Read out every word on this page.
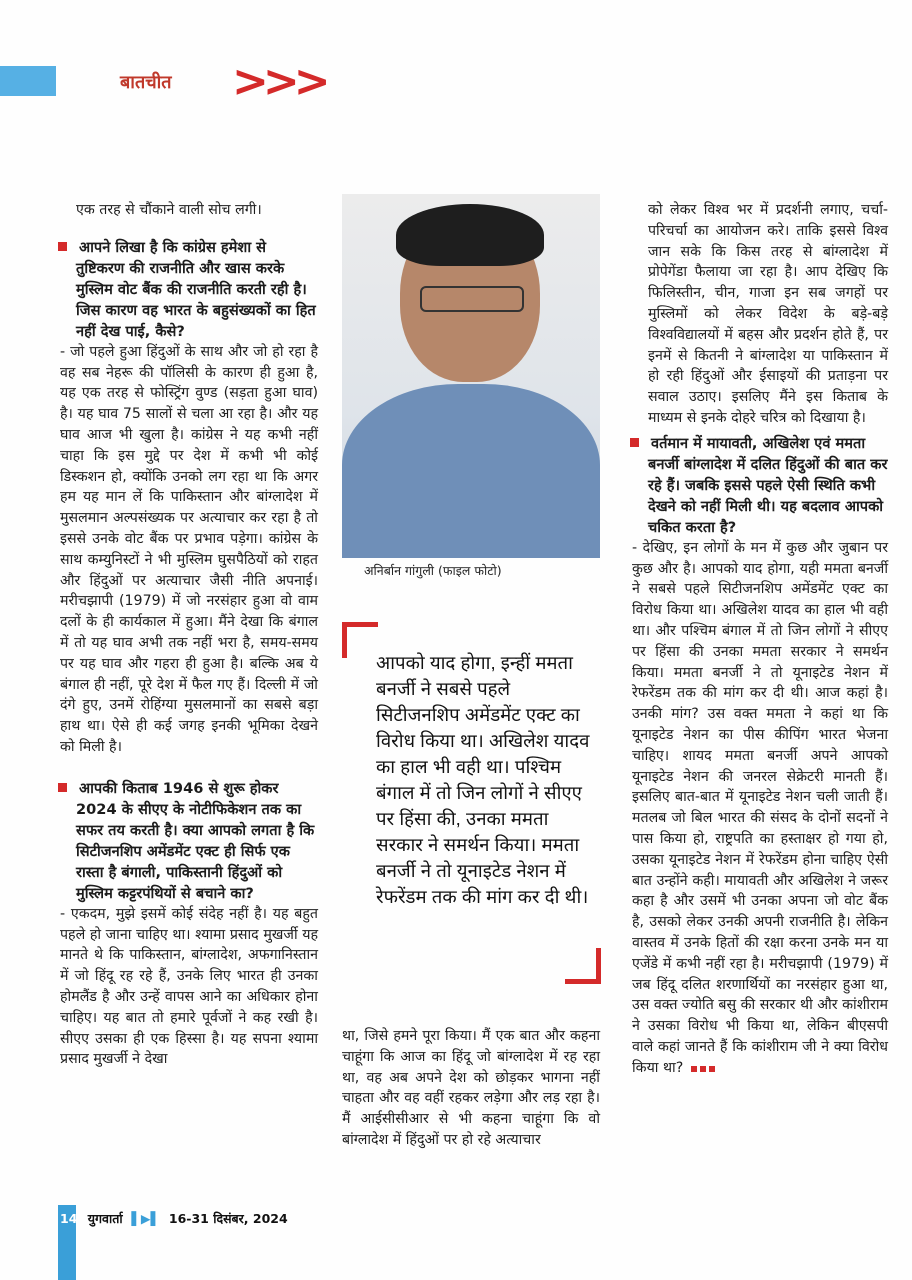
बातचीत >>>

एक तरह से चौंकाने वाली सोच लगी।

आपने लिखा है कि कांग्रेस हमेशा से तुष्टिकरण की राजनीति और खास करके मुस्लिम वोट बैंक की राजनीति करती रही है। जिस कारण वह भारत के बहुसंख्यकों का हित नहीं देख पाई, कैसे?

- जो पहले हुआ हिंदुओं के साथ और जो हो रहा है वह सब नेहरू की पॉलिसी के कारण ही हुआ है, यह एक तरह से फोस्ट्रिंग वुण्ड (सड़ता हुआ घाव) है। यह घाव 75 सालों से चला आ रहा है। और यह घाव आज भी खुला है। कांग्रेस ने यह कभी नहीं चाहा कि इस मुद्दे पर देश में कभी भी कोई डिस्कशन हो, क्योंकि उनको लग रहा था कि अगर हम यह मान लें कि पाकिस्तान और बांग्लादेश में मुसलमान अल्पसंख्यक पर अत्याचार कर रहा है तो इससे उनके वोट बैंक पर प्रभाव पड़ेगा। कांग्रेस के साथ कम्युनिस्टों ने भी मुस्लिम घुसपैठियों को राहत और हिंदुओं पर अत्याचार जैसी नीति अपनाई। मरीचझापी (1979) में जो नरसंहार हुआ वो वाम दलों के ही कार्यकाल में हुआ। मैंने देखा कि बंगाल में तो यह घाव अभी तक नहीं भरा है, समय-समय पर यह घाव और गहरा ही हुआ है। बल्कि अब ये बंगाल ही नहीं, पूरे देश में फैल गए हैं। दिल्ली में जो दंगे हुए, उनमें रोहिंग्या मुसलमानों का सबसे बड़ा हाथ था। ऐसे ही कई जगह इनकी भूमिका देखने को मिली है।

आपकी किताब 1946 से शुरू होकर 2024 के सीएए के नोटीफिकेशन तक का सफर तय करती है। क्या आपको लगता है कि सिटीजनशिप अमेंडमेंट एक्ट ही सिर्फ एक रास्ता है बंगाली, पाकिस्तानी हिंदुओं को मुस्लिम कट्टरपंथियों से बचाने का?

- एकदम, मुझे इसमें कोई संदेह नहीं है। यह बहुत पहले हो जाना चाहिए था। श्यामा प्रसाद मुखर्जी यह मानते थे कि पाकिस्तान, बांग्लादेश, अफगानिस्तान में जो हिंदू रह रहे हैं, उनके लिए भारत ही उनका होमलैंड है और उन्हें वापस आने का अधिकार होना चाहिए। यह बात तो हमारे पूर्वजों ने कह रखी है। सीएए उसका ही एक हिस्सा है। यह सपना श्यामा प्रसाद मुखर्जी ने देखा

अनिर्बान गांगुली (फाइल फोटो)
आपको याद होगा, इन्हीं ममता बनर्जी ने सबसे पहले सिटीजनशिप अमेंडमेंट एक्ट का विरोध किया था। अखिलेश यादव का हाल भी वही था। पश्चिम बंगाल में तो जिन लोगों ने सीएए पर हिंसा की, उनका ममता सरकार ने समर्थन किया। ममता बनर्जी ने तो यूनाइटेड नेशन में रेफरेंडम तक की मांग कर दी थी।

था, जिसे हमने पूरा किया। मैं एक बात और कहना चाहूंगा कि आज का हिंदू जो बांग्लादेश में रह रहा था, वह अब अपने देश को छोड़कर भागना नहीं चाहता और वह वहीं रहकर लड़ेगा और लड़ रहा है। मैं आईसीसीआर से भी कहना चाहूंगा कि वो बांग्लादेश में हिंदुओं पर हो रहे अत्याचार

को लेकर विश्व भर में प्रदर्शनी लगाए, चर्चा-परिचर्चा का आयोजन करे। ताकि इससे विश्व जान सके कि किस तरह से बांग्लादेश में प्रोपेगेंडा फैलाया जा रहा है। आप देखिए कि फिलिस्तीन, चीन, गाजा इन सब जगहों पर मुस्लिमों को लेकर विदेश के बड़े-बड़े विश्वविद्यालयों में बहस और प्रदर्शन होते हैं, पर इनमें से कितनी ने बांग्लादेश या पाकिस्तान में हो रही हिंदुओं और ईसाइयों की प्रताड़ना पर सवाल उठाए। इसलिए मैंने इस किताब के माध्यम से इनके दोहरे चरित्र को दिखाया है।

वर्तमान में मायावती, अखिलेश एवं ममता बनर्जी बांग्लादेश में दलित हिंदुओं की बात कर रहे हैं। जबकि इससे पहले ऐसी स्थिति कभी देखने को नहीं मिली थी। यह बदलाव आपको चकित करता है?

- देखिए, इन लोगों के मन में कुछ और जुबान पर कुछ और है। आपको याद होगा, यही ममता बनर्जी ने सबसे पहले सिटीजनशिप अमेंडमेंट एक्ट का विरोध किया था। अखिलेश यादव का हाल भी वही था। और पश्चिम बंगाल में तो जिन लोगों ने सीएए पर हिंसा की उनका ममता सरकार ने समर्थन किया। ममता बनर्जी ने तो यूनाइटेड नेशन में रेफरेंडम तक की मांग कर दी थी। आज कहां है। उनकी मांग? उस वक्त ममता ने कहां था कि यूनाइटेड नेशन का पीस कीपिंग भारत भेजना चाहिए। शायद ममता बनर्जी अपने आपको यूनाइटेड नेशन की जनरल सेक्रेटरी मानती हैं। इसलिए बात-बात में यूनाइटेड नेशन चली जाती हैं। मतलब जो बिल भारत की संसद के दोनों सदनों ने पास किया हो, राष्ट्रपति का हस्ताक्षर हो गया हो, उसका यूनाइटेड नेशन में रेफरेंडम होना चाहिए ऐसी बात उन्होंने कही। मायावती और अखिलेश ने जरूर कहा है और उसमें भी उनका अपना जो वोट बैंक है, उसको लेकर उनकी अपनी राजनीति है। लेकिन वास्तव में उनके हितों की रक्षा करना उनके मन या एजेंडे में कभी नहीं रहा है। मरीचझापी (1979) में जब हिंदू दलित शरणार्थियों का नरसंहार हुआ था, उस वक्त ज्योति बसु की सरकार थी और कांशीराम ने उसका विरोध भी किया था, लेकिन बीएसपी वाले कहां जानते हैं कि कांशीराम जी ने क्या विरोध किया था?

14 युगवार्ता  ▌▶▌  16-31 दिसंबर, 2024
